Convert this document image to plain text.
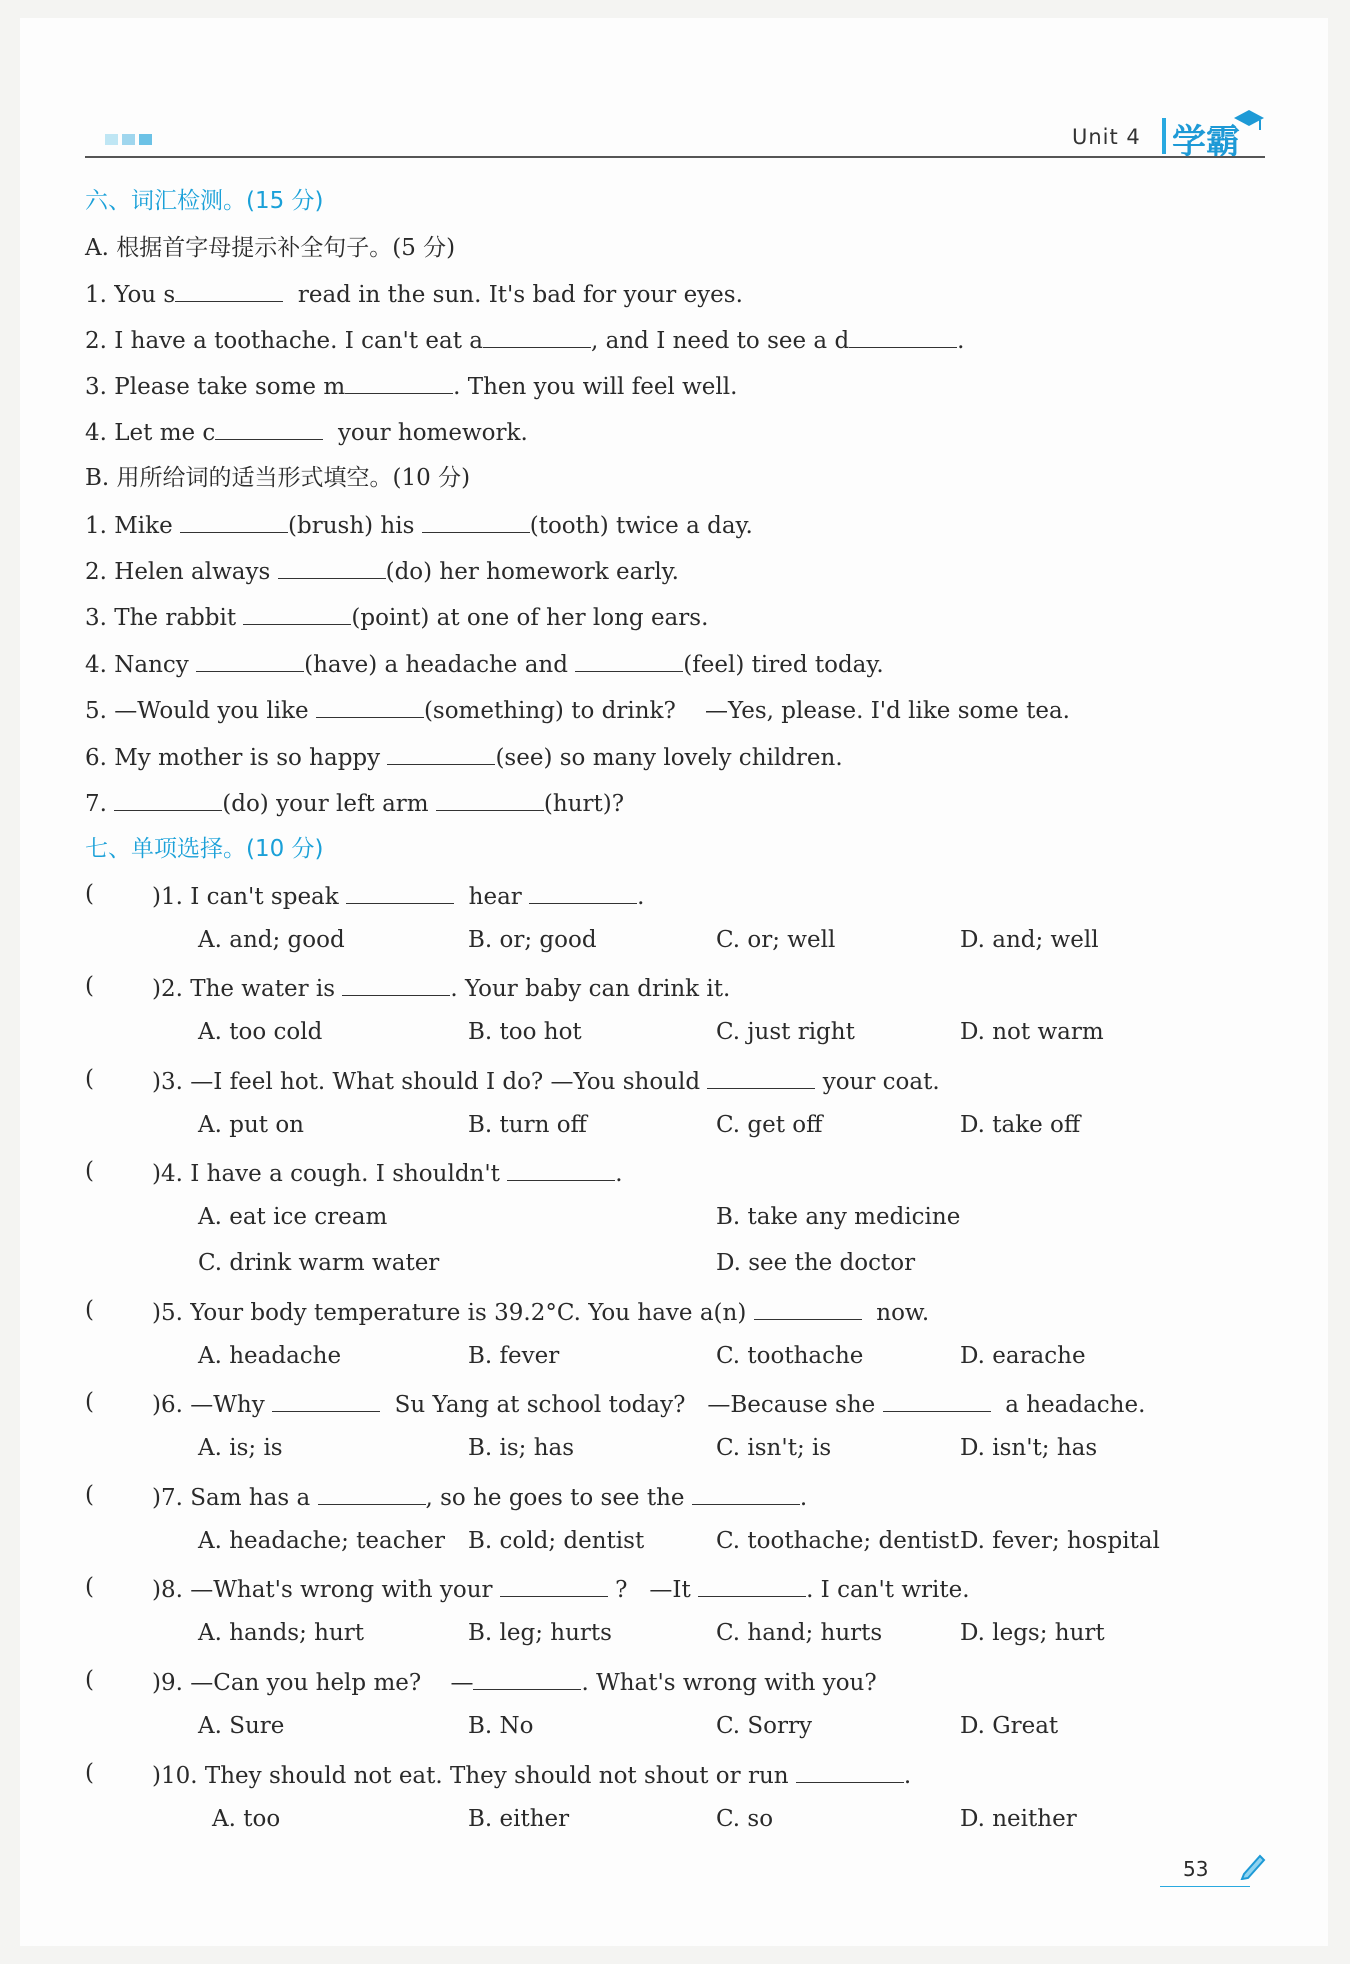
Unit 4 学霸
六、词汇检测。(15 分)
A. 根据首字母提示补全句子。(5 分)
1. You s	read in the sun. It's bad for your eyes.
2. I have a toothache. I can't eat a	, and I need to see a d	.
3. Please take some m	. Then you will feel well.
4. Let me c	your homework.
B. 用所给词的适当形式填空。(10 分)
1. Mike	(brush) his	(tooth) twice a day.
2. Helen always	(do) her homework early.
3. The rabbit	(point) at one of her long ears.
4. Nancy	(have) a headache and	(feel) tired today.
5. —Would you like	(something) to drink? —Yes, please. I'd like some tea.
6. My mother is so happy	(see) so many lovely children.
7.	(do) your left arm	(hurt)?
七、单项选择。(10 分)
(	)1. I can't speak	hear	.
A. and; good	B. or; good	C. or; well	D. and; well
(	)2. The water is	. Your baby can drink it.
A. too cold	B. too hot	C. just right	D. not warm
(	)3. —I feel hot. What should I do? —You should	your coat.
A. put on	B. turn off	C. get off	D. take off
(	)4. I have a cough. I shouldn't	.
A. eat ice cream	B. take any medicine
C. drink warm water	D. see the doctor
(	)5. Your body temperature is 39.2°C. You have a(n)	now.
A. headache	B. fever	C. toothache	D. earache
(	)6. —Why	Su Yang at school today? —Because she	a headache.
A. is; is	B. is; has	C. isn't; is	D. isn't; has
(	)7. Sam has a	, so he goes to see the	.
A. headache; teacher B. cold; dentist	C. toothache; dentist D. fever; hospital
(	)8. —What's wrong with your	? —It	. I can't write.
A. hands; hurt	B. leg; hurts	C. hand; hurts	D. legs; hurt
(	)9. —Can you help me? —	. What's wrong with you?
A. Sure	B. No	C. Sorry	D. Great
(	)10. They should not eat. They should not shout or run	.
A. too	B. either	C. so	D. neither
53
